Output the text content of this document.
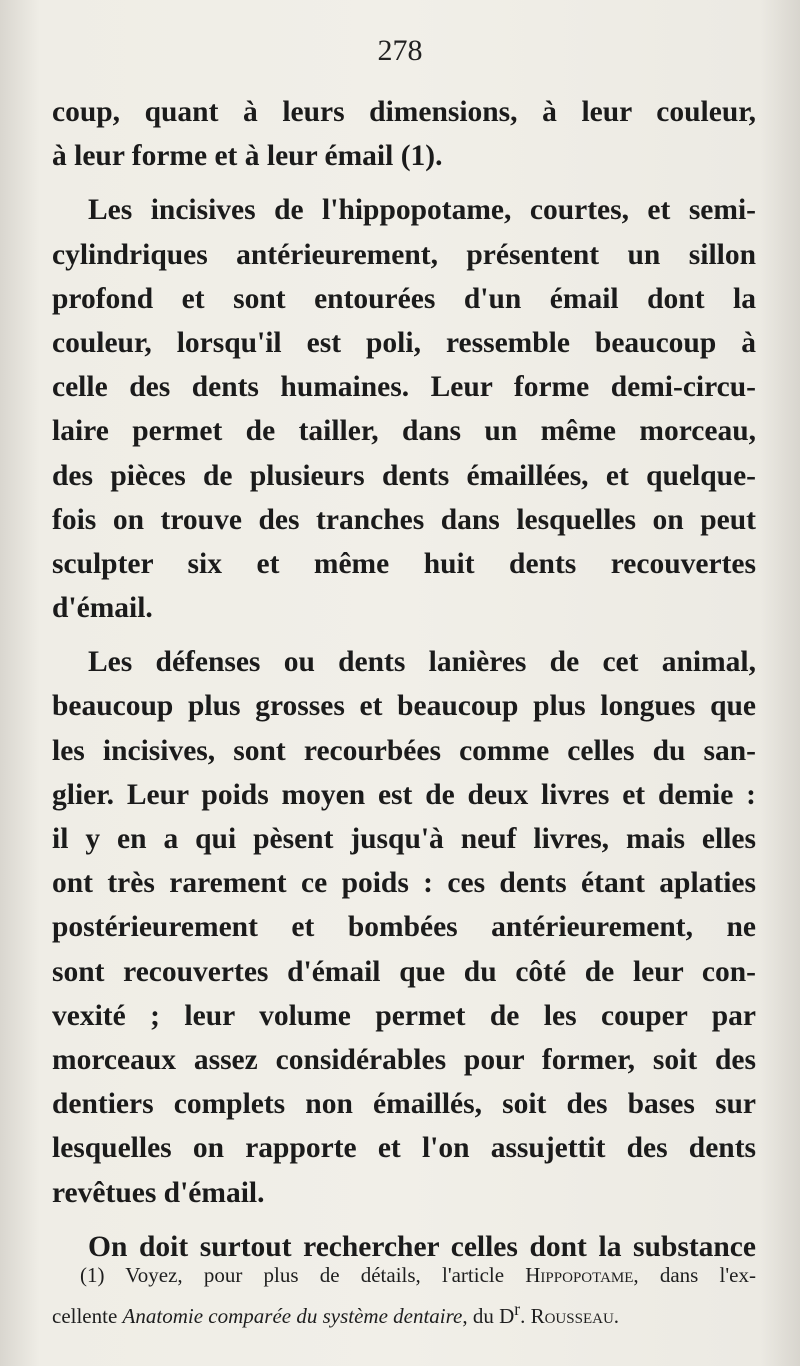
278

coup, quant à leurs dimensions, à leur couleur,
à leur forme et à leur émail (1).

Les incisives de l'hippopotame, courtes, et semi-
cylindriques antérieurement, présentent un sillon
profond et sont entourées d'un émail dont la
couleur, lorsqu'il est poli, ressemble beaucoup à
celle des dents humaines. Leur forme demi-circu-
laire permet de tailler, dans un même morceau,
des pièces de plusieurs dents émaillées, et quelque-
fois on trouve des tranches dans lesquelles on peut
sculpter six et même huit dents recouvertes
d'émail.

Les défenses ou dents lanières de cet animal,
beaucoup plus grosses et beaucoup plus longues que
les incisives, sont recourbées comme celles du san-
glier. Leur poids moyen est de deux livres et demie :
il y en a qui pèsent jusqu'à neuf livres, mais elles
ont très rarement ce poids : ces dents étant aplaties
postérieurement et bombées antérieurement, ne
sont recouvertes d'émail que du côté de leur con-
vexité ; leur volume permet de les couper par
morceaux assez considérables pour former, soit des
dentiers complets non émaillés, soit des bases sur
lesquelles on rapporte et l'on assujettit des dents
revêtues d'émail.

On doit surtout rechercher celles dont la substance

(1) Voyez, pour plus de détails, l'article Hippopotame, dans l'ex-
cellente Anatomie comparée du système dentaire, du $D^r$. Rousseau.
